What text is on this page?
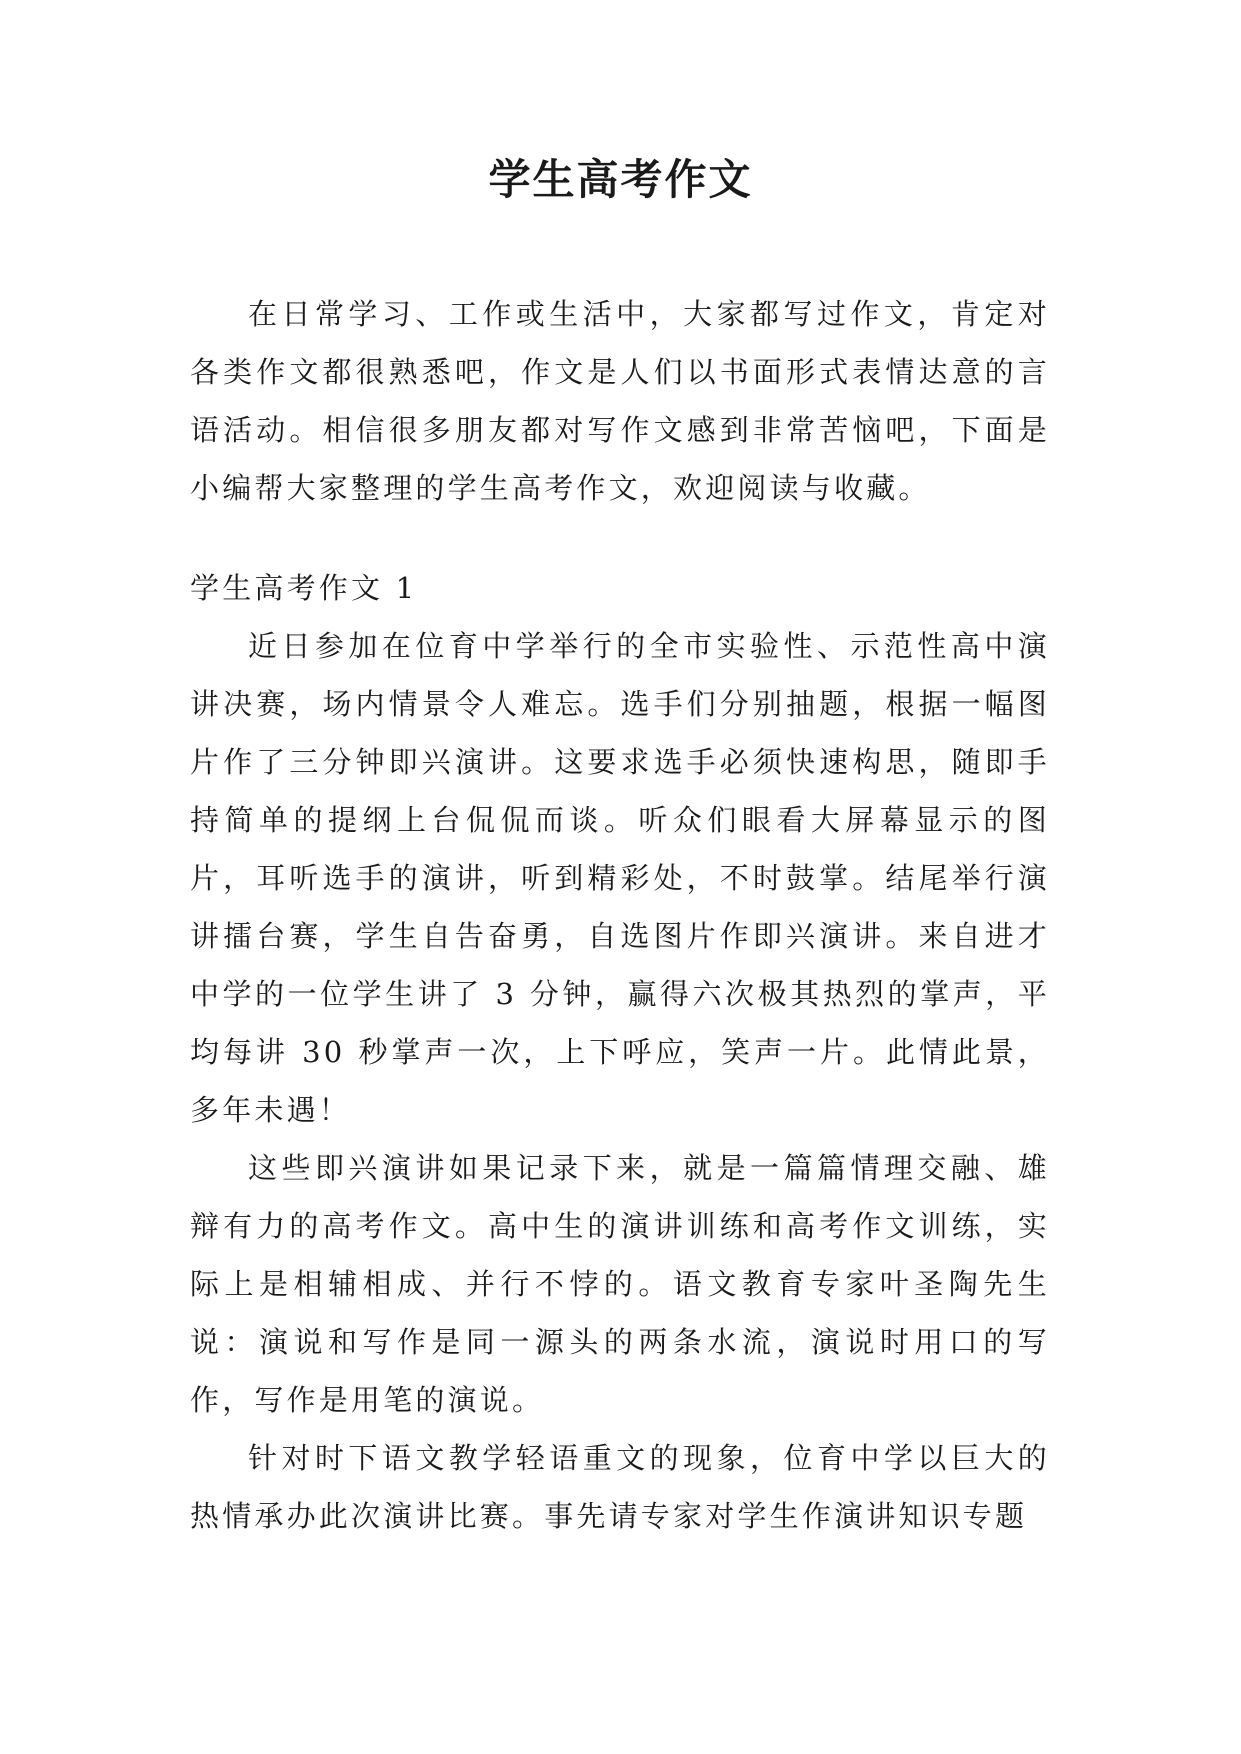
学生高考作文

在日常学习、工作或生活中，大家都写过作文，肯定对各类作文都很熟悉吧，作文是人们以书面形式表情达意的言语活动。相信很多朋友都对写作文感到非常苦恼吧，下面是小编帮大家整理的学生高考作文，欢迎阅读与收藏。

学生高考作文 1

近日参加在位育中学举行的全市实验性、示范性高中演讲决赛，场内情景令人难忘。选手们分别抽题，根据一幅图片作了三分钟即兴演讲。这要求选手必须快速构思，随即手持简单的提纲上台侃侃而谈。听众们眼看大屏幕显示的图片，耳听选手的演讲，听到精彩处，不时鼓掌。结尾举行演讲擂台赛，学生自告奋勇，自选图片作即兴演讲。来自进才中学的一位学生讲了 3 分钟，赢得六次极其热烈的掌声，平均每讲 30 秒掌声一次，上下呼应，笑声一片。此情此景，多年未遇！

这些即兴演讲如果记录下来，就是一篇篇情理交融、雄辩有力的高考作文。高中生的演讲训练和高考作文训练，实际上是相辅相成、并行不悖的。语文教育专家叶圣陶先生说：演说和写作是同一源头的两条水流，演说时用口的写作，写作是用笔的演说。

针对时下语文教学轻语重文的现象，位育中学以巨大的热情承办此次演讲比赛。事先请专家对学生作演讲知识专题
